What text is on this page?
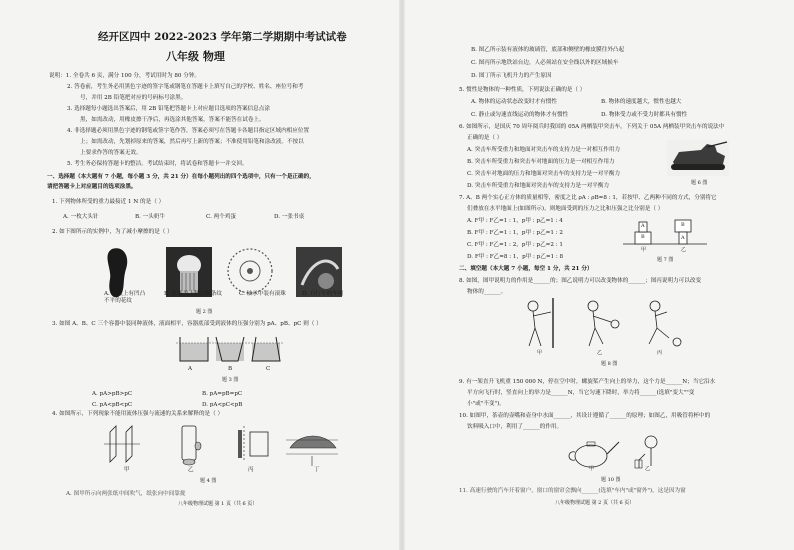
经开区四中 2022-2023 学年第二学期期中考试试卷
八年级 物理
说明：1. 全卷共 6 页，满分 100 分，考试用时为 80 分钟。
2. 答卷前，考生务必用黑色字迹的签字笔或钢笔在答题卡上填写自己的学校、姓名、座位号和考
号，并用 2B 铅笔把对应的号码标号涂黑。
3. 选择题每小题选出答案后，用 2B 铅笔把答题卡上对应题目选项的答案信息点涂
黑，如需改动，用橡皮擦干净后，再选涂其他答案，答案不能答在试卷上。
4. 非选择题必须用黑色字迹的钢笔或签字笔作答，答案必须写在答题卡各题目指定区域内相应位置
上；如需改动，先划掉原来的答案，然后再写上新的答案；不准使用铅笔和涂改液。不按以
上要求作答的答案无效。
5. 考生务必保持答题卡的整洁。考试结束时，将试卷和答题卡一并交回。
一、选择题（本大题有 7 小题，每小题 3 分，共 21 分）在每小题列出的四个选项中，只有一个是正确的，
请把答题卡上对应题目的选项涂黑。
1. 下列物体所受的重力最接近 1 N 的是（ ）
A. 一枚大头针	B. 一头奶牛	C. 两个鸡蛋	D. 一张书桌
2. 如下图所示的实例中，为了减小摩擦的是（ ）
A. 鞋底上有凹凸不平的花纹
B. 在瓶盖上制出细条纹	C. 轴承中装有滚珠	D. 自行车的车闸
题 2 图
3. 如图 A、B、C 三个容器中装同种液体，液面相平，容器底部受到液体的压强分别为 pA、pB、pC 则（ ）
A	B	C
题 3 图
A. pA>pB>pC	B. pA=pB=pC
C. pA<pB<pC	D. pA<pC<pB
4. 如图所示，下列现象不能用流体压强与流速的关系来解释的是（ ）
甲	乙	丙	丁
题 4 图
A. 图甲所示向两张纸中间吹气，纸张向中间靠拢
八年级物理试题 第 1 页（共 6 页）
B. 图乙所示装有液体的玻璃管，底部和侧壁的橡皮膜往外凸起
C. 图丙所示地铁站台边，人必须站在安全线以外的区域候车
D. 图丁所示飞机升力的产生原因
5. 惯性是物体的一种性质，下列说法正确的是（ ）
A. 物体的运动状态改变时才有惯性
C. 静止或匀速直线运动的物体才有惯性
B. 物体的速度越大，惯性也越大
D. 物体受力或不受力时都具有惯性
6. 如图所示，是国庆 70 周年阅兵时我国的 05A 两栖装甲突击车，下列关于 05A 两栖装甲突击车的说法中
正确的是（ ）
A. 突击车所受重力和地面对突击车的支持力是一对相互作用力
B. 突击车所受重力和突击车对地面的压力是一对相互作用力
C. 突击车对地面的压力和地面对突击车的支持力是一对平衡力
D. 突击车所受重力和地面对突击车的支持力是一对平衡力	题 6 图
7. A、B 两个实心正方体的质量相等，密度之比 ρA : ρB=8 : 1，若按甲、乙两种不同的方式，分别将它
们叠放在水平地面上(如图所示)，则地面受到的压力之比和压强之比分别是（ ）
A. F甲 : F乙=1 : 1，p甲 : p乙=1 : 4
B. F甲 : F乙=1 : 1，p甲 : p乙=1 : 2
C. F甲 : F乙=1 : 2，p甲 : p乙=2 : 1
D. F甲 : F乙=8 : 1，p甲 : p乙=1 : 8
A
B
B
A
甲	乙
题 7 图
二、填空题（本大题 7 小题，每空 1 分，共 21 分）
8. 如图，图甲说明力的作用是______的；图乙说明力可以改变物体的______；图丙说明力可以改变
物体的______。
甲	乙	丙
题 8 图
9. 有一架直升飞机重 150 000 N，停在空中时，螺旋桨产生向上的举力，这个力是______N；当它沿水
平方向飞行时，竖直向上的举力是______N，当它匀速下降时，举力将______(选填"变大""变
小"或"不变")。
10. 如图甲，茶壶的壶嘴和壶身中水面______，其设计遵循了______的原理；如图乙，用吸管将杯中的
饮料吸入口中，利用了______的作用。
甲	乙
题 10 图
11. 高速行驶的汽车开着窗户，窗口的窗帘会飘向______(选填"车内"或"窗外")，这是因为窗
八年级物理试题 第 2 页（共 6 页）
